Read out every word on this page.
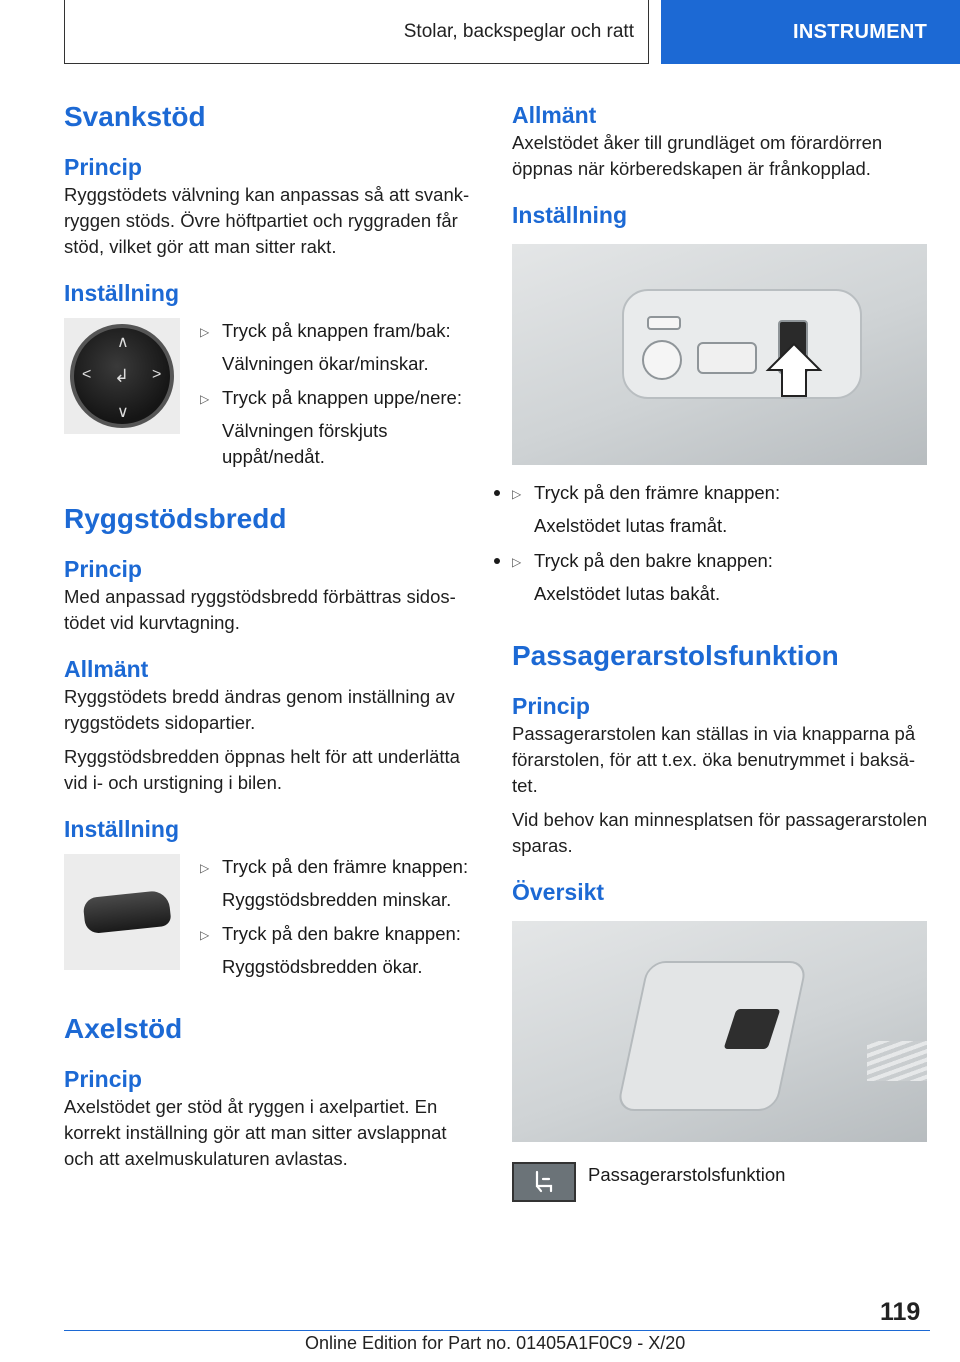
Stolar, backspeglar och ratt	INSTRUMENT
Svankstöd
Princip

Ryggstödets välvning kan anpassas så att svankryggen stöds. Övre höftpartiet och ryggraden får stöd, vilket gör att man sitter rakt.

Inställning
∧
∨
<	>
↲
▷ Tryck på knappen fram/bak:
Välvningen ökar/minskar.
▷ Tryck på knappen uppe/nere:
Välvningen förskjuts uppåt/nedåt.
Ryggstödsbredd
Princip

Med anpassad ryggstödsbredd förbättras sidostödet vid kurvtagning.

Allmänt

Ryggstödets bredd ändras genom inställning av ryggstödets sidopartier.

Ryggstödsbredden öppnas helt för att underlätta vid i- och urstigning i bilen.

Inställning
▷ Tryck på den främre knappen:
Ryggstödsbredden minskar.
▷ Tryck på den bakre knappen:
Ryggstödsbredden ökar.
Axelstöd
Princip

Axelstödet ger stöd åt ryggen i axelpartiet. En korrekt inställning gör att man sitter avslappnat och att axelmuskulaturen avlastas.

Allmänt

Axelstödet åker till grundläget om förardörren öppnas när körberedskapen är frånkopplad.

Inställning
• ▷ Tryck på den främre knappen:
Axelstödet lutas framåt.
• ▷ Tryck på den bakre knappen:
Axelstödet lutas bakåt.
Passagerarstolsfunktion
Princip

Passagerarstolen kan ställas in via knapparna på förarstolen, för att t.ex. öka benutrymmet i baksätet.

Vid behov kan minnesplatsen för passagerarstolen sparas.

Översikt
Passagerarstolsfunktion
119
Online Edition for Part no. 01405A1F0C9 - X/20
